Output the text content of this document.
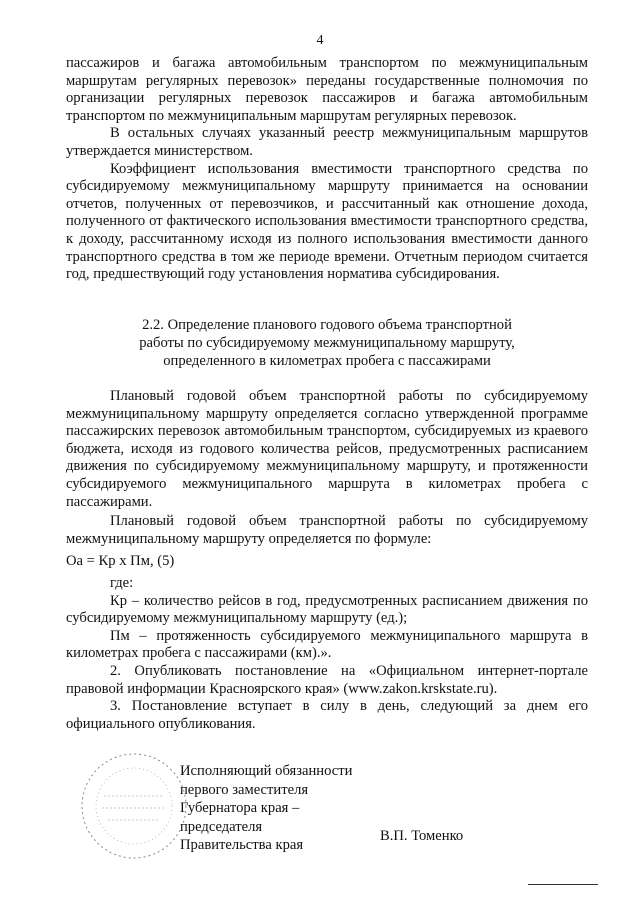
4

пассажиров и багажа автомобильным транспортом по межмуниципальным маршрутам регулярных перевозок» переданы государственные полномочия по организации регулярных перевозок пассажиров и багажа автомобильным транспортом по межмуниципальным маршрутам регулярных перевозок.

В остальных случаях указанный реестр межмуниципальным маршрутов утверждается министерством.

Коэффициент использования вместимости транспортного средства по субсидируемому межмуниципальному маршруту принимается на основании отчетов, полученных от перевозчиков, и рассчитанный как отношение дохода, полученного от фактического использования вместимости транспортного средства, к доходу, рассчитанному исходя из полного использования вместимости данного транспортного средства в том же периоде времени. Отчетным периодом считается год, предшествующий году установления норматива субсидирования.

2.2. Определение планового годового объема транспортной
работы по субсидируемому межмуниципальному маршруту,
определенного в километрах пробега с пассажирами

Плановый годовой объем транспортной работы по субсидируемому межмуниципальному маршруту определяется согласно утвержденной программе пассажирских перевозок автомобильным транспортом, субсидируемых из краевого бюджета, исходя из годового количества рейсов, предусмотренных расписанием движения по субсидируемому межмуниципальному маршруту, и протяженности субсидируемого межмуниципального маршрута в километрах пробега с пассажирами.

Плановый годовой объем транспортной работы по субсидируемому межмуниципальному маршруту определяется по формуле:

Оа = Кр х Пм, (5)

где:

Кр – количество рейсов в год, предусмотренных расписанием движения по субсидируемому межмуниципальному маршруту (ед.);

Пм – протяженность субсидируемого межмуниципального маршрута в километрах пробега с пассажирами (км).».

2. Опубликовать постановление на «Официальном интернет-портале правовой информации Красноярского края» (www.zakon.krskstate.ru).

3. Постановление вступает в силу в день, следующий за днем его официального опубликования.

Исполняющий обязанности
первого заместителя
Губернатора края –
председателя
Правительства края
В.П. Томенко
